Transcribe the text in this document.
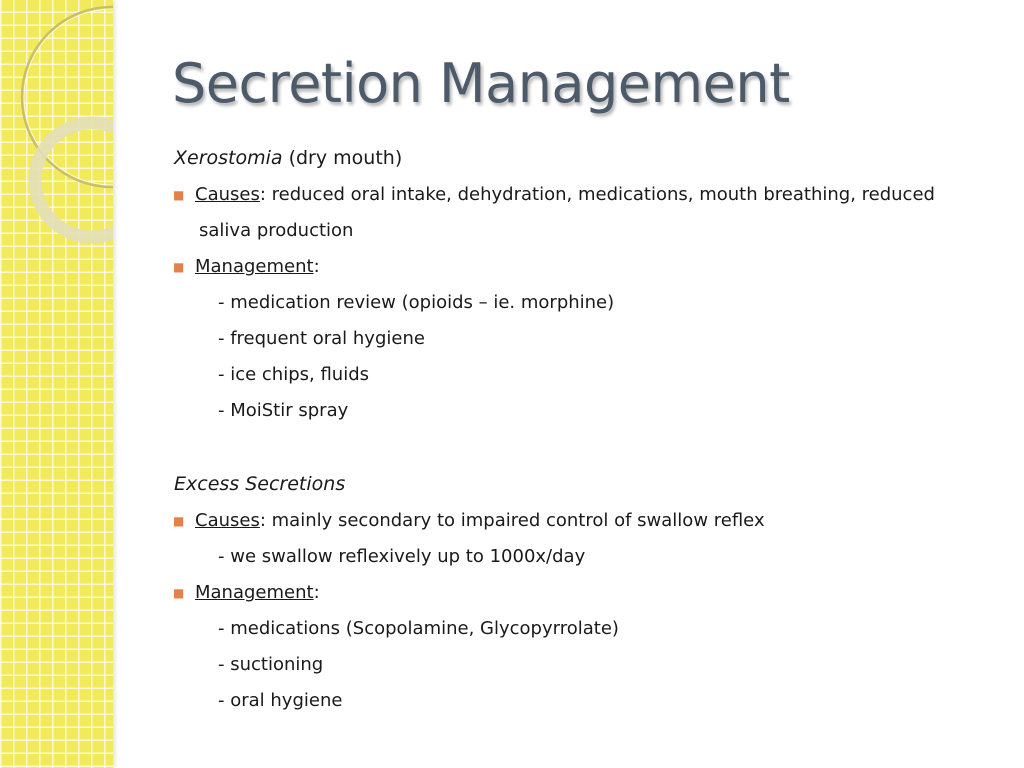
Secretion Management
Xerostomia (dry mouth)
■ Causes: reduced oral intake, dehydration, medications, mouth breathing, reduced
saliva production
■ Management:
- medication review (opioids – ie. morphine)
- frequent oral hygiene
- ice chips, fluids
- MoiStir spray
Excess Secretions
■ Causes: mainly secondary to impaired control of swallow reflex
- we swallow reflexively up to 1000x/day
■ Management:
- medications (Scopolamine, Glycopyrrolate)
- suctioning
- oral hygiene
